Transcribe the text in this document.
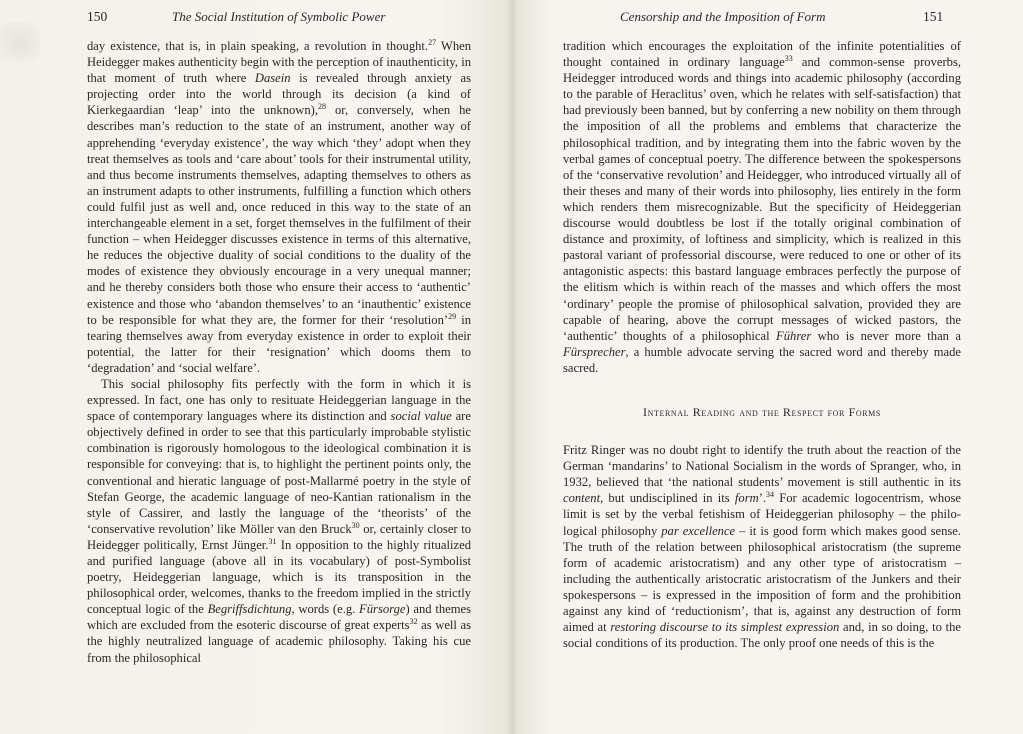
150	The Social Institution of Symbolic Power

day existence, that is, in plain speaking, a revolution in thought.$^{27}$ When Heidegger makes authenticity begin with the perception of inauthenticity, in that moment of truth where Dasein is revealed through anxiety as projecting order into the world through its decision (a kind of Kierkegaardian ‘leap’ into the unknown),$^{28}$ or, conversely, when he describes man’s reduction to the state of an instrument, another way of apprehending ‘everyday existence’, the way which ‘they’ adopt when they treat themselves as tools and ‘care about’ tools for their instrumental utility, and thus become instruments themselves, adapting themselves to others as an instrument adapts to other instruments, fulfilling a function which others could fulfil just as well and, once reduced in this way to the state of an interchangeable element in a set, forget themselves in the fulfilment of their function – when Heidegger discusses existence in terms of this alternative, he reduces the objective duality of social conditions to the duality of the modes of existence they obviously encourage in a very unequal manner; and he thereby considers both those who ensure their access to ‘authentic’ existence and those who ‘abandon themselves’ to an ‘inauthentic’ existence to be responsible for what they are, the former for their ‘resolution’$^{29}$ in tearing themselves away from everyday existence in order to exploit their potential, the latter for their ‘resignation’ which dooms them to ‘degradation’ and ‘social welfare’.

This social philosophy fits perfectly with the form in which it is expressed. In fact, one has only to resituate Heideggerian language in the space of contemporary languages where its distinction and social value are objectively defined in order to see that this particularly improbable stylistic combination is rigorously homologous to the ideological combination it is responsible for conveying: that is, to highlight the pertinent points only, the conventional and hieratic language of post-Mallarmé poetry in the style of Stefan George, the academic language of neo-Kantian rationalism in the style of Cassirer, and lastly the language of the ‘theorists’ of the ‘conservative revolution’ like Möller van den Bruck$^{30}$ or, certainly closer to Heidegger politically, Ernst Jünger.$^{31}$ In opposition to the highly ritualized and purified language (above all in its vocabulary) of post-Symbolist poetry, Heideggerian language, which is its transposition in the philosophical order, welcomes, thanks to the freedom implied in the strictly conceptual logic of the Begriffsdichtung, words (e.g. Fürsorge) and themes which are excluded from the esoteric discourse of great experts$^{32}$ as well as the highly neutralized language of academic philosophy. Taking his cue from the philosophical

Censorship and the Imposition of Form	151

tradition which encourages the exploitation of the infinite potentialities of thought contained in ordinary language$^{33}$ and common-sense proverbs, Heidegger introduced words and things into academic philosophy (according to the parable of Heraclitus’ oven, which he relates with self-satisfaction) that had previously been banned, but by conferring a new nobility on them through the imposition of all the problems and emblems that characterize the philosophical tradition, and by integrating them into the fabric woven by the verbal games of conceptual poetry. The difference between the spokespersons of the ‘conservative revolution’ and Heidegger, who introduced virtually all of their theses and many of their words into philosophy, lies entirely in the form which renders them misrecognizable. But the specificity of Heideggerian discourse would doubtless be lost if the totally original combination of distance and proximity, of loftiness and simplicity, which is realized in this pastoral variant of professorial discourse, were reduced to one or other of its antagonistic aspects: this bastard language embraces perfectly the purpose of the elitism which is within reach of the masses and which offers the most ‘ordinary’ people the promise of philosophical salvation, provided they are capable of hearing, above the corrupt messages of wicked pastors, the ‘authentic’ thoughts of a philosophical Führer who is never more than a Fürsprecher, a humble advocate serving the sacred word and thereby made sacred.

Internal Reading and the Respect for Forms

Fritz Ringer was no doubt right to identify the truth about the reaction of the German ‘mandarins’ to National Socialism in the words of Spranger, who, in 1932, believed that ‘the national students’ movement is still authentic in its content, but undisciplined in its form’.$^{34}$ For academic logocentrism, whose limit is set by the verbal fetishism of Heideggerian philosophy – the philo-logical philosophy par excellence – it is good form which makes good sense. The truth of the relation between philosophical aristocratism (the supreme form of academic aristocratism) and any other type of aristocratism – including the authentically aristocratic aristocratism of the Junkers and their spokespersons – is expressed in the imposition of form and the prohibition against any kind of ‘reductionism’, that is, against any destruction of form aimed at restoring discourse to its simplest expression and, in so doing, to the social conditions of its production. The only proof one needs of this is the
